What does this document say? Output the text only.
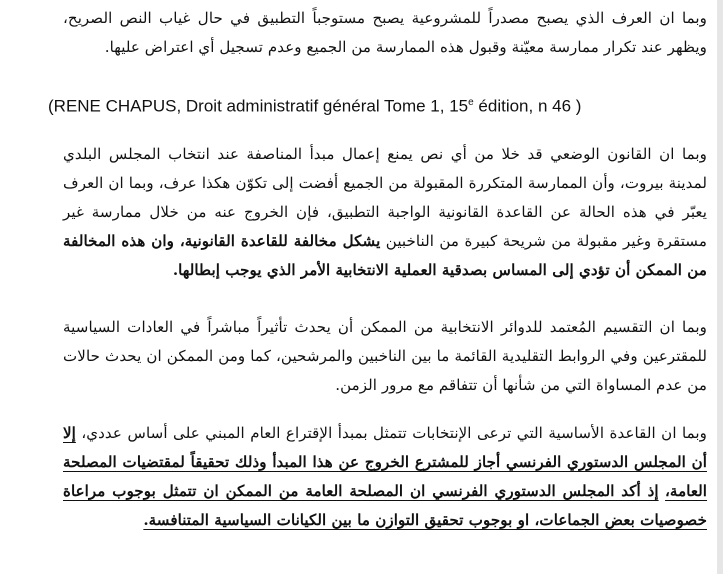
وبما ان العرف الذي يصبح مصدراً للمشروعية يصبح مستوجباً التطبيق في حال غياب النص الصريح، ويظهر عند تكرار ممارسة معيّنة وقبول هذه الممارسة من الجميع وعدم تسجيل أي اعتراض عليها.

(RENE CHAPUS, Droit administratif général Tome 1, 15e édition, n 46 )

وبما ان القانون الوضعي قد خلا من أي نص يمنع إعمال مبدأ المناصفة عند انتخاب المجلس البلدي لمدينة بيروت، وأن الممارسة المتكررة المقبولة من الجميع أفضت إلى تكوّن هكذا عرف، وبما ان العرف يعبّر في هذه الحالة عن القاعدة القانونية الواجبة التطبيق، فإن الخروج عنه من خلال ممارسة غير مستقرة وغير مقبولة من شريحة كبيرة من الناخبين يشكل مخالفة للقاعدة القانونية، وان هذه المخالفة من الممكن أن تؤدي إلى المساس بصدقية العملية الانتخابية الأمر الذي يوجب إبطالها.

وبما ان التقسيم المُعتمد للدوائر الانتخابية من الممكن أن يحدث تأثيراً مباشراً في العادات السياسية للمقترعين وفي الروابط التقليدية القائمة ما بين الناخبين والمرشحين، كما ومن الممكن ان يحدث حالات من عدم المساواة التي من شأنها أن تتفاقم مع مرور الزمن.

وبما ان القاعدة الأساسية التي ترعى الإنتخابات تتمثل بمبدأ الإقتراع العام المبني على أساس عددي، إلا أن المجلس الدستوري الفرنسي أجاز للمشترع الخروج عن هذا المبدأ وذلك تحقيقاً لمقتضيات المصلحة العامة، إذ أكد المجلس الدستوري الفرنسي ان المصلحة العامة من الممكن ان تتمثل بوجوب مراعاة خصوصيات بعض الجماعات، او بوجوب تحقيق التوازن ما بين الكيانات السياسية المتنافسة.
